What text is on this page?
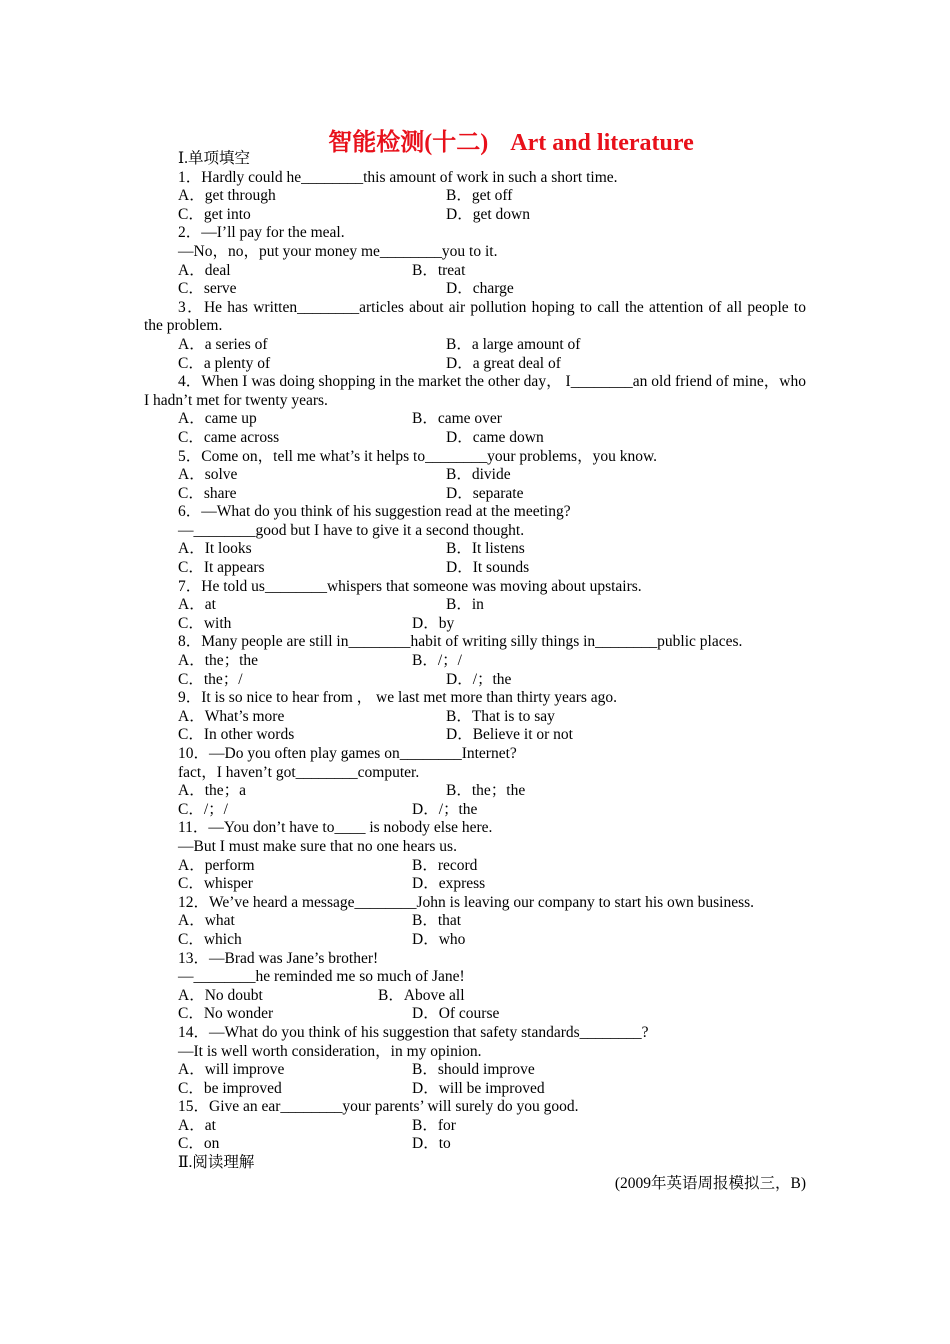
智能检测(十二) Art and literature
Ⅰ.单项填空
1．Hardly could he________this amount of work in such a short time.
A．get through	B．get off
C．get into	D．get down
2．—I’ll pay for the meal.
—No，no，put your money me________you to it.
A．deal	B．treat
C．serve	D．charge
3．He has written________articles about air pollution hoping to call the attention of all people to the problem.
A．a series of	B．a large amount of
C．a plenty of	D．a great deal of
4．When I was doing shopping in the market the other day， I________an old friend of mine，who I hadn’t met for twenty years.
A．came up	B．came over
C．came across	D．came down
5．Come on，tell me what’s it helps to________your problems，you know.
A．solve	B．divide
C．share	D．separate
6．—What do you think of his suggestion read at the meeting?
—________good but I have to give it a second thought.
A．It looks	B．It listens
C．It appears	D．It sounds
7．He told us________whispers that someone was moving about upstairs.
A．at	B．in
C．with	D．by
8．Many people are still in________habit of writing silly things in________public places.
A．the；the	B．/；/
C．the；/	D．/；the
9．It is so nice to hear from ， we last met more than thirty years ago.
A．What’s more	B．That is to say
C．In other words	D．Believe it or not
10．—Do you often play games on________Internet?
fact，I haven’t got________computer.
A．the；a	B．the；the
C．/；/	D．/；the
11．—You don’t have to____ is nobody else here.
—But I must make sure that no one hears us.
A．perform	B．record
C．whisper	D．express
12．We’ve heard a message________John is leaving our company to start his own business.
A．what	B．that
C．which	D．who
13．—Brad was Jane’s brother!
—________he reminded me so much of Jane!
A．No doubt	B．Above all
C．No wonder	D．Of course
14．—What do you think of his suggestion that safety standards________?
—It is well worth consideration，in my opinion.
A．will improve	B．should improve
C．be improved	D．will be improved
15．Give an ear________your parents’ will surely do you good.
A．at	B．for
C．on	D．to
Ⅱ.阅读理解
(2009年英语周报模拟三，B)
